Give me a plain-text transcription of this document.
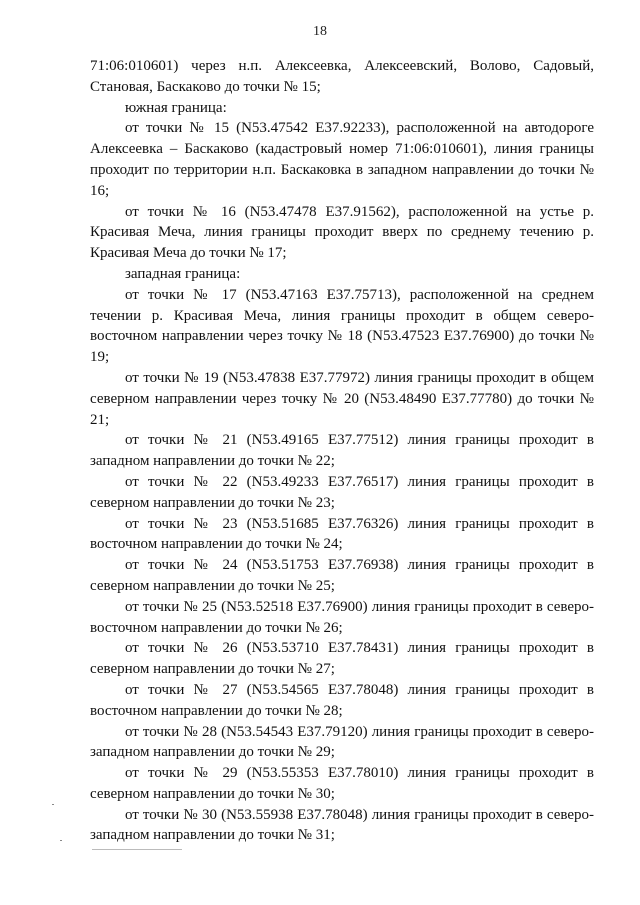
18

71:06:010601) через н.п. Алексеевка, Алексеевский, Волово, Садовый, Становая, Баскаково до точки № 15;

южная граница:

от точки № 15 (N53.47542 E37.92233), расположенной на автодороге Алексеевка – Баскаково (кадастровый номер 71:06:010601), линия границы проходит по территории н.п. Баскаковка в западном направлении до точки № 16;

от точки № 16 (N53.47478 E37.91562), расположенной на устье р. Красивая Меча, линия границы проходит вверх по среднему течению р. Красивая Меча до точки № 17;

западная граница:

от точки № 17 (N53.47163 E37.75713), расположенной на среднем течении р. Красивая Меча, линия границы проходит в общем северо-восточном направлении через точку № 18 (N53.47523 E37.76900) до точки № 19;

от точки № 19 (N53.47838 E37.77972) линия границы проходит в общем северном направлении через точку № 20 (N53.48490 E37.77780) до точки № 21;

от точки № 21 (N53.49165 E37.77512) линия границы проходит в западном направлении до точки № 22;

от точки № 22 (N53.49233 E37.76517) линия границы проходит в северном направлении до точки № 23;

от точки № 23 (N53.51685 E37.76326) линия границы проходит в восточном направлении до точки № 24;

от точки № 24 (N53.51753 E37.76938) линия границы проходит в северном направлении до точки № 25;

от точки № 25 (N53.52518 E37.76900) линия границы проходит в северо-восточном направлении до точки № 26;

от точки № 26 (N53.53710 E37.78431) линия границы проходит в северном направлении до точки № 27;

от точки № 27 (N53.54565 E37.78048) линия границы проходит в восточном направлении до точки № 28;

от точки № 28 (N53.54543 E37.79120) линия границы проходит в северо-западном направлении до точки № 29;

от точки № 29 (N53.55353 E37.78010) линия границы проходит в северном направлении до точки № 30;

от точки № 30 (N53.55938 E37.78048) линия границы проходит в северо-западном направлении до точки № 31;
